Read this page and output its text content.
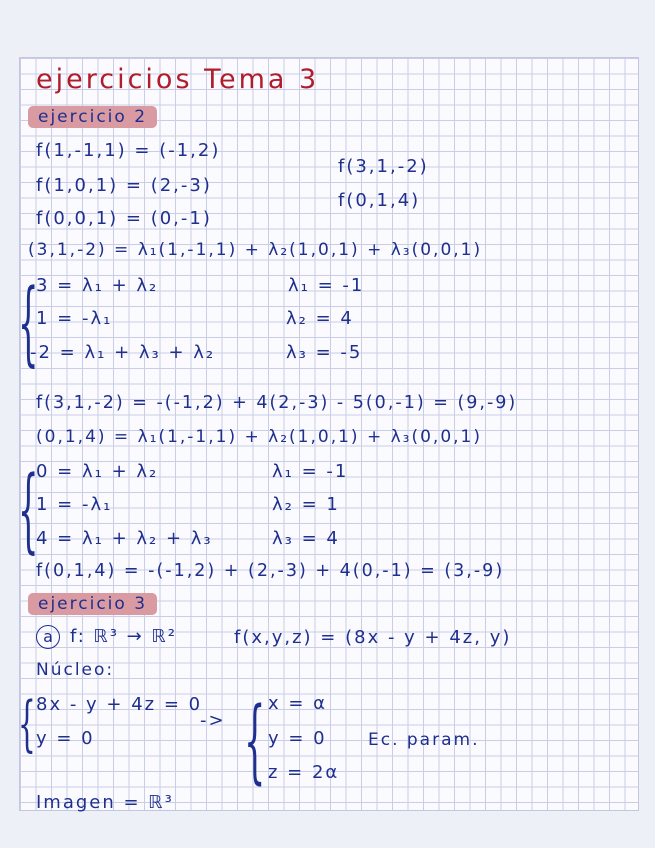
ejercicios Tema 3
ejercicio 2
f(1,-1,1) = (-1,2)
f(1,0,1) = (2,-3)
f(0,0,1) = (0,-1)
f(3,1,-2)
f(0,1,4)
(3,1,-2) = λ₁(1,-1,1) + λ₂(1,0,1) + λ₃(0,0,1)
{
3 = λ₁ + λ₂
1 = -λ₁
-2 = λ₁ + λ₃ + λ₂
λ₁ = -1
λ₂ = 4
λ₃ = -5
f(3,1,-2) = -(-1,2) + 4(2,-3) - 5(0,-1) = (9,-9)
(0,1,4) = λ₁(1,-1,1) + λ₂(1,0,1) + λ₃(0,0,1)
{
0 = λ₁ + λ₂
1 = -λ₁
4 = λ₁ + λ₂ + λ₃
λ₁ = -1
λ₂ = 1
λ₃ = 4
f(0,1,4) = -(-1,2) + (2,-3) + 4(0,-1) = (3,-9)
ejercicio 3
a f: ℝ³ → ℝ²	f(x,y,z) = (8x - y + 4z, y)
Núcleo:
{ 8x - y + 4z = 0
y = 0
-> { x = α
y = 0
z = 2α
Ec. param.
Imagen = ℝ³
